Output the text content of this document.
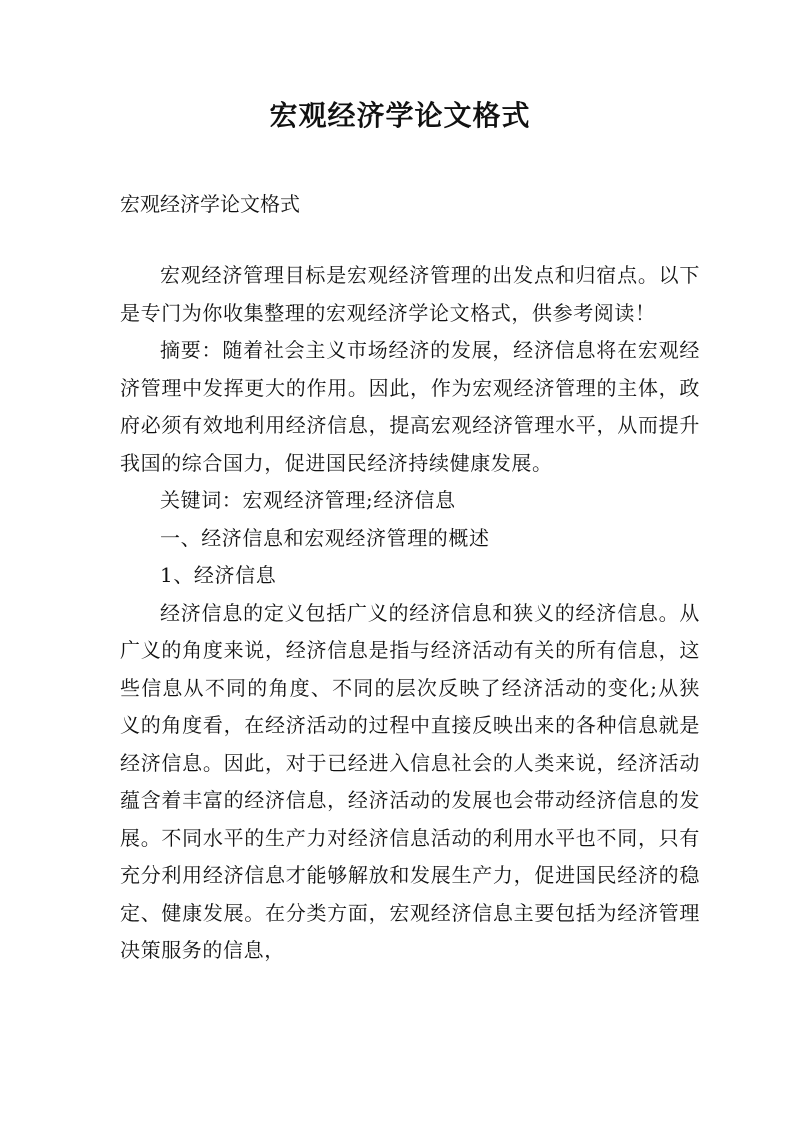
宏观经济学论文格式

宏观经济学论文格式

宏观经济管理目标是宏观经济管理的出发点和归宿点。以下是专门为你收集整理的宏观经济学论文格式，供参考阅读！

摘要：随着社会主义市场经济的发展，经济信息将在宏观经济管理中发挥更大的作用。因此，作为宏观经济管理的主体，政府必须有效地利用经济信息，提高宏观经济管理水平，从而提升我国的综合国力，促进国民经济持续健康发展。

关键词：宏观经济管理;经济信息

一、经济信息和宏观经济管理的概述

1、经济信息

经济信息的定义包括广义的经济信息和狭义的经济信息。从广义的角度来说，经济信息是指与经济活动有关的所有信息，这些信息从不同的角度、不同的层次反映了经济活动的变化;从狭义的角度看，在经济活动的过程中直接反映出来的各种信息就是经济信息。因此，对于已经进入信息社会的人类来说，经济活动蕴含着丰富的经济信息，经济活动的发展也会带动经济信息的发展。不同水平的生产力对经济信息活动的利用水平也不同，只有充分利用经济信息才能够解放和发展生产力，促进国民经济的稳定、健康发展。在分类方面，宏观经济信息主要包括为经济管理决策服务的信息，
